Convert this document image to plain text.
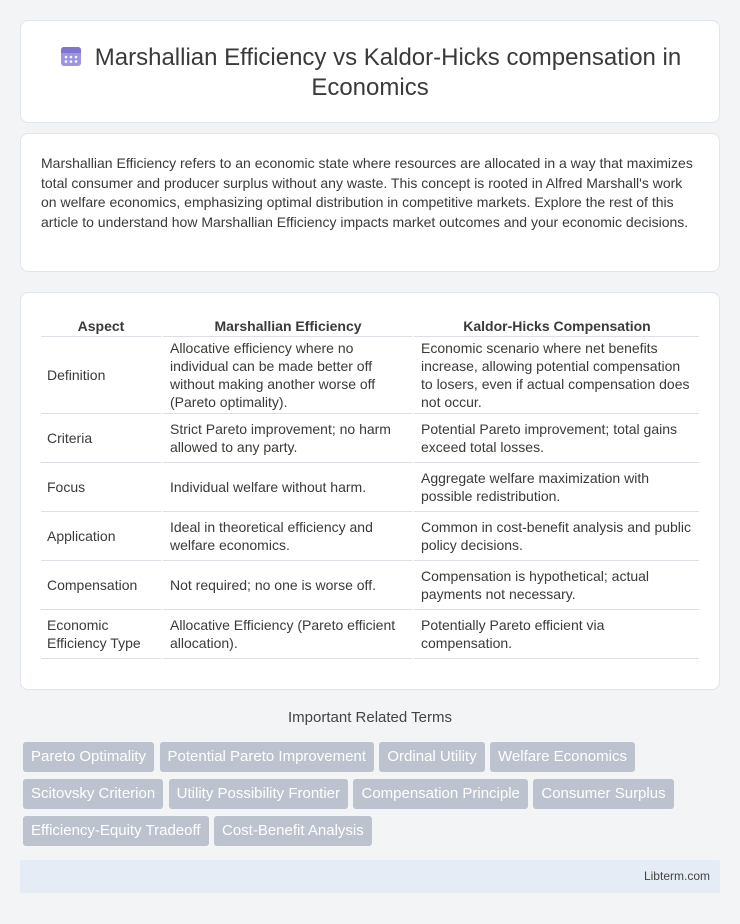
Marshallian Efficiency vs Kaldor-Hicks compensation in Economics

Marshallian Efficiency refers to an economic state where resources are allocated in a way that maximizes total consumer and producer surplus without any waste. This concept is rooted in Alfred Marshall's work on welfare economics, emphasizing optimal distribution in competitive markets. Explore the rest of this article to understand how Marshallian Efficiency impacts market outcomes and your economic decisions.

Aspect	Marshallian Efficiency	Kaldor-Hicks Compensation
Definition	Allocative efficiency where no individual can be made better off without making another worse off (Pareto optimality).	Economic scenario where net benefits increase, allowing potential compensation to losers, even if actual compensation does not occur.
Criteria	Strict Pareto improvement; no harm allowed to any party.	Potential Pareto improvement; total gains exceed total losses.
Focus	Individual welfare without harm.	Aggregate welfare maximization with possible redistribution.
Application	Ideal in theoretical efficiency and welfare economics.	Common in cost-benefit analysis and public policy decisions.
Compensation	Not required; no one is worse off.	Compensation is hypothetical; actual payments not necessary.
Economic Efficiency Type	Allocative Efficiency (Pareto efficient allocation).	Potentially Pareto efficient via compensation.
Important Related Terms
Pareto Optimality Potential Pareto Improvement Ordinal Utility Welfare Economics Scitovsky Criterion Utility Possibility Frontier Compensation Principle Consumer Surplus Efficiency-Equity Tradeoff Cost-Benefit Analysis
Libterm.com
